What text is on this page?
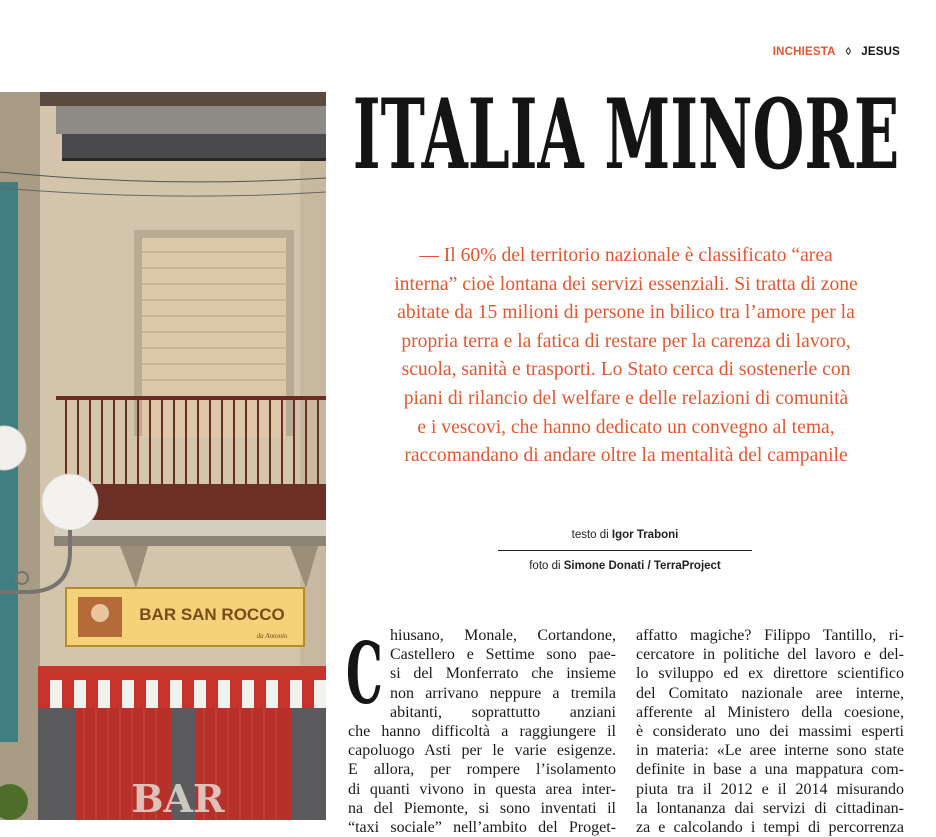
INCHIESTA ◊ JESUS
BAR SAN ROCCO
da Antonio
BAR
ITALIA MINORE

— Il 60% del territorio nazionale è classificato “area
interna” cioè lontana dei servizi essenziali. Si tratta di zone
abitate da 15 milioni di persone in bilico tra l’amore per la
propria terra e la fatica di restare per la carenza di lavoro,
scuola, sanità e trasporti. Lo Stato cerca di sostenerle con
piani di rilancio del welfare e delle relazioni di comunità
e i vescovi, che hanno dedicato un convegno al tema,
raccomandano di andare oltre la mentalità del campanile

testo di Igor Traboni
foto di Simone Donati / TerraProject
C hiusano, Monale, Cortandone,
Castellero e Settime sono pae-
si del Monferrato che insieme
non arrivano neppure a tremila
abitanti, soprattutto anziani
che hanno difficoltà a raggiungere il
capoluogo Asti per le varie esigenze.
E allora, per rompere l’isolamento
di quanti vivono in questa area inter-
na del Piemonte, si sono inventati il
“taxi sociale” nell’ambito del Proget-
affatto magiche? Filippo Tantillo, ri-
cercatore in politiche del lavoro e del-
lo sviluppo ed ex direttore scientifico
del Comitato nazionale aree interne,
afferente al Ministero della coesione,
è considerato uno dei massimi esperti
in materia: «Le aree interne sono state
definite in base a una mappatura com-
piuta tra il 2012 e il 2014 misurando
la lontananza dai servizi di cittadinan-
za e calcolando i tempi di percorrenza
